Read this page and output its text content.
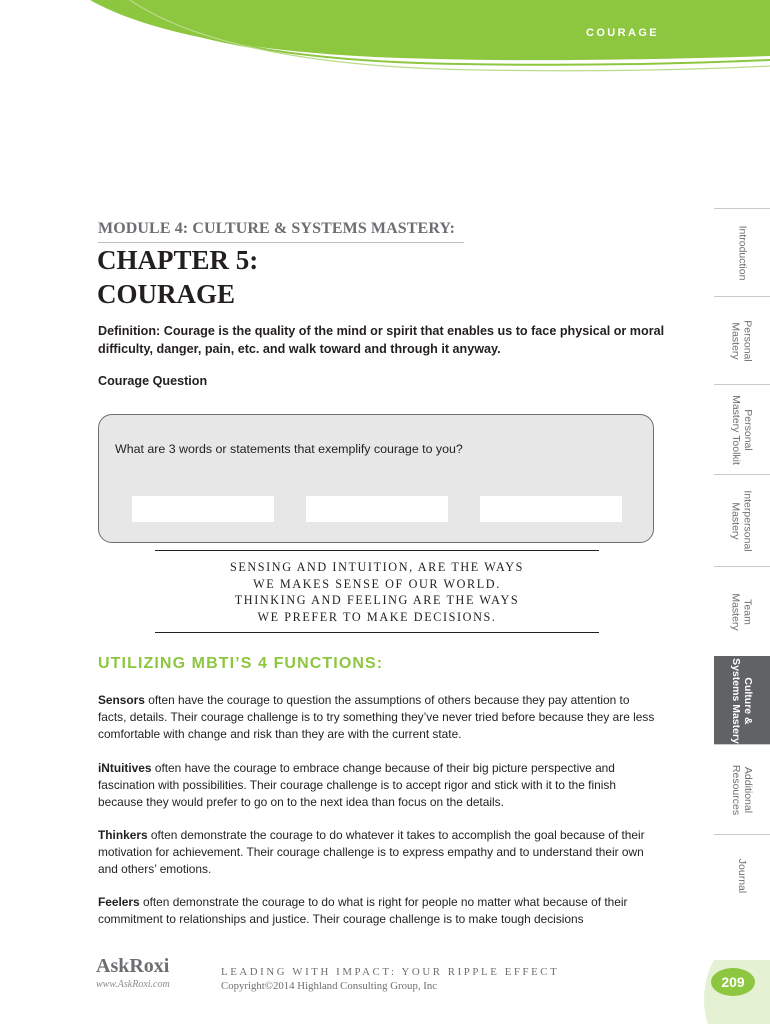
COURAGE
Introduction
Personal
Mastery
Personal
Mastery Toolkit
Interpersonal
Mastery
Team
Mastery
Culture &
Systems Mastery
Additional
Resources
Journal
MODULE 4: CULTURE & SYSTEMS MASTERY:
CHAPTER 5:
COURAGE

Definition: Courage is the quality of the mind or spirit that enables us to face physical or moral difficulty, danger, pain, etc. and walk toward and through it anyway.

Courage Question

What are 3 words or statements that exemplify courage to you?

SENSING AND INTUITION, ARE THE WAYS
WE MAKES SENSE OF OUR WORLD.
THINKING AND FEELING ARE THE WAYS
WE PREFER TO MAKE DECISIONS.
UTILIZING MBTI’S 4 FUNCTIONS:

Sensors often have the courage to question the assumptions of others because they pay attention to facts, details. Their courage challenge is to try something they’ve never tried before because they are less comfortable with change and risk than they are with the current state.

iNtuitives often have the courage to embrace change because of their big picture perspective and fascination with possibilities. Their courage challenge is to accept rigor and stick with it to the finish because they would prefer to go on to the next idea than focus on the details.

Thinkers often demonstrate the courage to do whatever it takes to accomplish the goal because of their motivation for achievement. Their courage challenge is to express empathy and to understand their own and others’ emotions.

Feelers often demonstrate the courage to do what is right for people no matter what because of their commitment to relationships and justice. Their courage challenge is to make tough decisions

AskRoxi
www.AskRoxi.com
LEADING WITH IMPACT: YOUR RIPPLE EFFECT
Copyright©2014 Highland Consulting Group, Inc	209
